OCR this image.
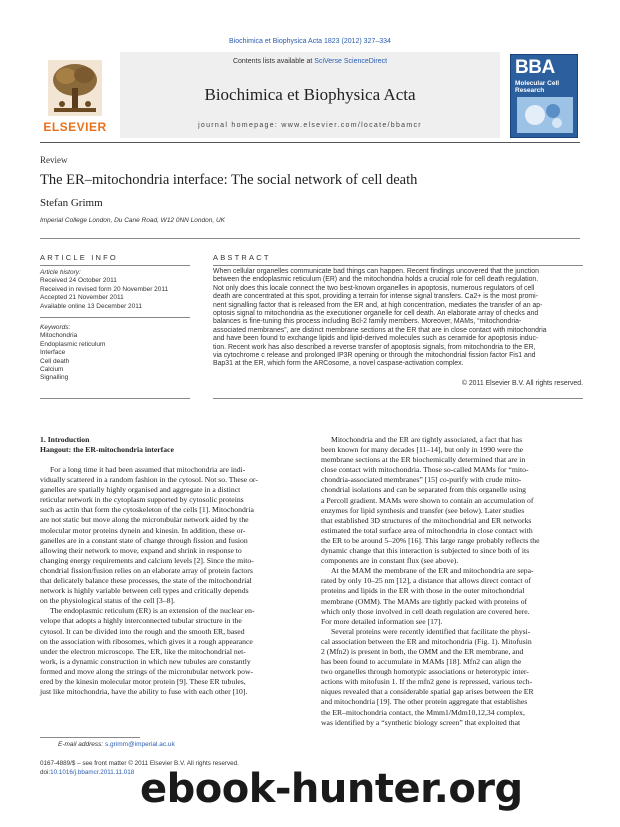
Biochimica et Biophysica Acta 1823 (2012) 327–334
ELSEVIER
Contents lists available at SciVerse ScienceDirect
Biochimica et Biophysica Acta
journal homepage: www.elsevier.com/locate/bbamcr
BBA
Molecular Cell
Research
Review
The ER–mitochondria interface: The social network of cell death
Stefan Grimm
Imperial College London, Du Cane Road, W12 0NN London, UK
ARTICLE INFO
Article history:
Received 24 October 2011
Received in revised form 20 November 2011
Accepted 21 November 2011
Available online 13 December 2011
Keywords:
Mitochondria
Endoplasmic reticulum
Interface
Cell death
Calcium
Signalling
ABSTRACT
When cellular organelles communicate bad things can happen. Recent findings uncovered that the junction
between the endoplasmic reticulum (ER) and the mitochondria holds a crucial role for cell death regulation.
Not only does this locale connect the two best-known organelles in apoptosis, numerous regulators of cell
death are concentrated at this spot, providing a terrain for intense signal transfers. Ca2+ is the most promi-
nent signalling factor that is released from the ER and, at high concentration, mediates the transfer of an ap-
optosis signal to mitochondria as the executioner organelle for cell death. An elaborate array of checks and
balances is fine-tuning this process including Bcl-2 family members. Moreover, MAMs, “mitochondria-
associated membranes”, are distinct membrane sections at the ER that are in close contact with mitochondria
and have been found to exchange lipids and lipid-derived molecules such as ceramide for apoptosis induc-
tion. Recent work has also described a reverse transfer of apoptosis signals, from mitochondria to the ER,
via cytochrome c release and prolonged IP3R opening or through the mitochondrial fission factor Fis1 and
Bap31 at the ER, which form the ARCosome, a novel caspase-activation complex.
© 2011 Elsevier B.V. All rights reserved.
1. Introduction
Hangout: the ER-mitochondria interface
For a long time it had been assumed that mitochondria are indi-
vidually scattered in a random fashion in the cytosol. Not so. These or-
ganelles are spatially highly organised and aggregate in a distinct
reticular network in the cytoplasm supported by cytosolic proteins
such as actin that form the cytoskeleton of the cells [1]. Mitochondria
are not static but move along the microtubular network aided by the
molecular motor proteins dynein and kinesin. In addition, these or-
ganelles are in a constant state of change through fission and fusion
allowing their network to move, expand and shrink in response to
changing energy requirements and calcium levels [2]. Since the mito-
chondrial fission/fusion relies on an elaborate array of protein factors
that delicately balance these processes, the state of the mitochondrial
network is highly variable between cell types and critically depends
on the physiological status of the cell [3–8].
The endoplasmic reticulum (ER) is an extension of the nuclear en-
velope that adopts a highly interconnected tubular structure in the
cytosol. It can be divided into the rough and the smooth ER, based
on the association with ribosomes, which gives it a rough appearance
under the electron microscope. The ER, like the mitochondrial net-
work, is a dynamic construction in which new tubules are constantly
formed and move along the strings of the microtubular network pow-
ered by the kinesin molecular motor protein [9]. These ER tubules,
just like mitochondria, have the ability to fuse with each other [10].
Mitochondria and the ER are tightly associated, a fact that has
been known for many decades [11–14], but only in 1990 were the
membrane sections at the ER biochemically determined that are in
close contact with mitochondria. Those so-called MAMs for “mito-
chondria-associated membranes” [15] co-purify with crude mito-
chondrial isolations and can be separated from this organelle using
a Percoll gradient. MAMs were shown to contain an accumulation of
enzymes for lipid synthesis and transfer (see below). Later studies
that established 3D structures of the mitochondrial and ER networks
estimated the total surface area of mitochondria in close contact with
the ER to be around 5–20% [16]. This large range probably reflects the
dynamic change that this interaction is subjected to since both of its
components are in constant flux (see above).
At the MAM the membrane of the ER and mitochondria are sepa-
rated by only 10–25 nm [12], a distance that allows direct contact of
proteins and lipids in the ER with those in the outer mitochondrial
membrane (OMM). The MAMs are tightly packed with proteins of
which only those involved in cell death regulation are covered here.
For more detailed information see [17].
Several proteins were recently identified that facilitate the physi-
cal association between the ER and mitochondria (Fig. 1). Mitofusin
2 (Mfn2) is present in both, the OMM and the ER membrane, and
has been found to accumulate in MAMs [18]. Mfn2 can align the
two organelles through homotypic associations or heterotypic inter-
actions with mitofusin 1. If the mfn2 gene is repressed, various tech-
niques revealed that a considerable spatial gap arises between the ER
and mitochondria [19]. The other protein aggregate that establishes
the ER–mitochondria contact, the Mmm1/Mdm10,12,34 complex,
was identified by a “synthetic biology screen” that exploited that
E-mail address: s.grimm@imperial.ac.uk
0167-4889/$ – see front matter © 2011 Elsevier B.V. All rights reserved.
doi:10.1016/j.bbamcr.2011.11.018 ebook-hunter.org
